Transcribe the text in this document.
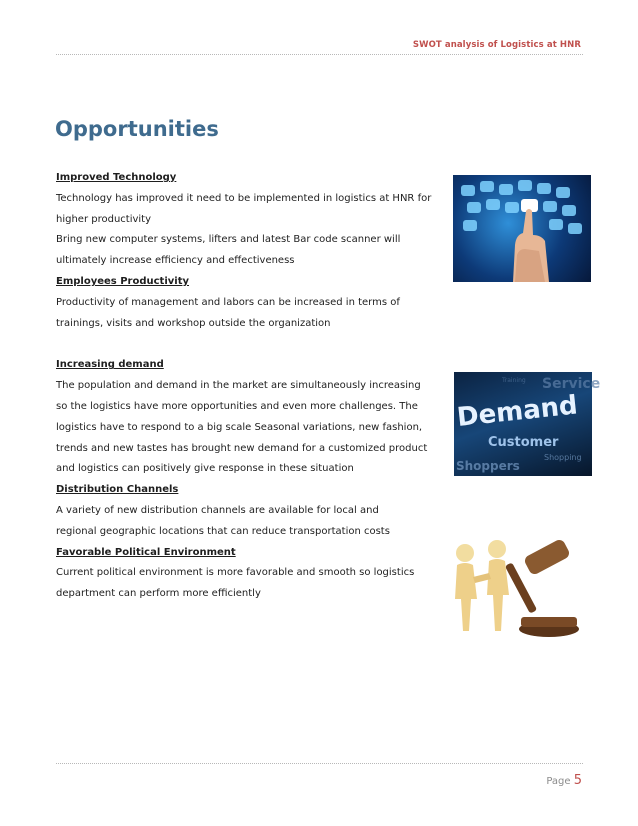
SWOT analysis of Logistics at HNR
Opportunities
Improved Technology
Technology has improved it need to be implemented in logistics at HNR for
higher productivity
Bring new computer systems, lifters and latest Bar code scanner will
ultimately increase efficiency and effectiveness
Employees Productivity
Productivity of management and labors can be increased in terms of
trainings, visits and workshop outside the organization
Increasing demand
The population and demand in the market are simultaneously increasing
so the logistics have more opportunities and even more challenges. The
logistics have to respond to a big scale Seasonal variations, new fashion,
trends and new tastes has brought new demand for a customized product
and logistics can positively give response in these situation
Distribution Channels
A variety of new distribution channels are available for local and
regional geographic locations that can reduce transportation costs
Favorable Political Environment
Current political environment is more favorable and smooth so logistics
department can perform more efficiently
Service
Training
Demand
Customer
Shopping
Shoppers
Page 5
